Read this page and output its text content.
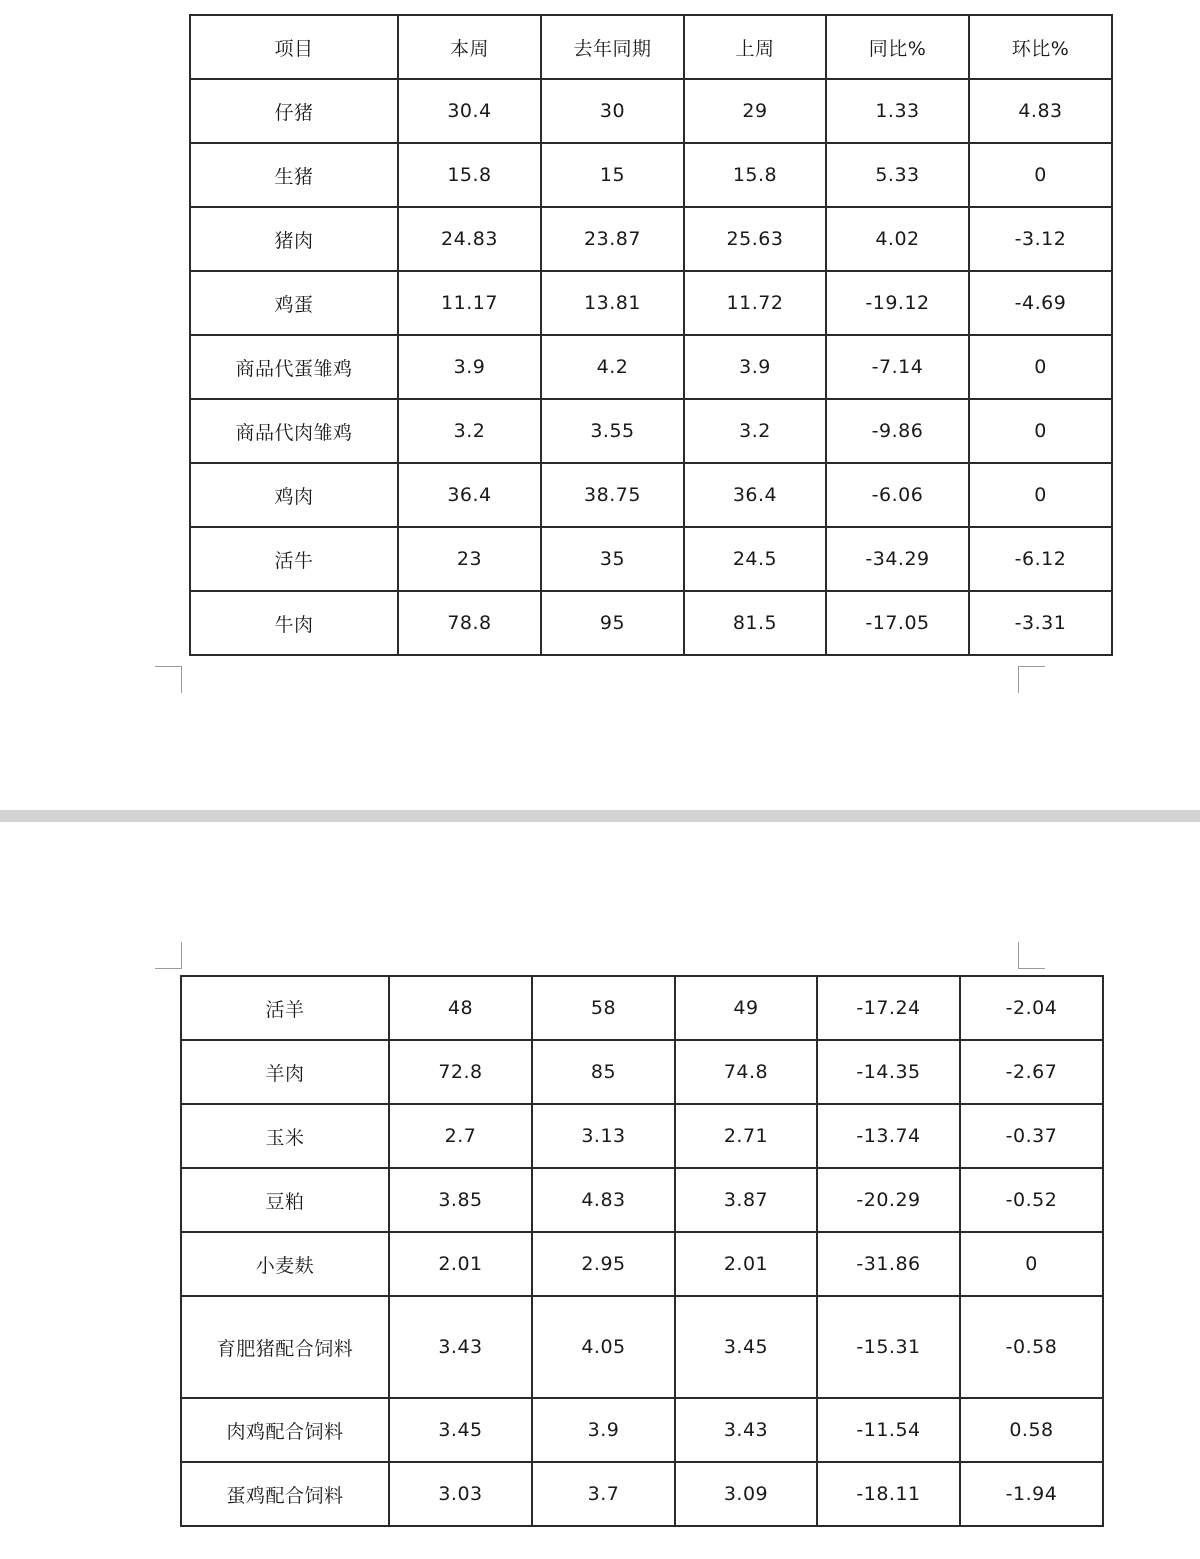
项目	本周	去年同期	上周	同比%	环比%
仔猪	30.4	30	29	1.33	4.83
生猪	15.8	15	15.8	5.33	0
猪肉	24.83	23.87	25.63	4.02	-3.12
鸡蛋	11.17	13.81	11.72	-19.12	-4.69
商品代蛋雏鸡	3.9	4.2	3.9	-7.14	0
商品代肉雏鸡	3.2	3.55	3.2	-9.86	0
鸡肉	36.4	38.75	36.4	-6.06	0
活牛	23	35	24.5	-34.29	-6.12
牛肉	78.8	95	81.5	-17.05	-3.31
活羊	48	58	49	-17.24	-2.04
羊肉	72.8	85	74.8	-14.35	-2.67
玉米	2.7	3.13	2.71	-13.74	-0.37
豆粕	3.85	4.83	3.87	-20.29	-0.52
小麦麸	2.01	2.95	2.01	-31.86	0
育肥猪配合饲料	3.43	4.05	3.45	-15.31	-0.58
肉鸡配合饲料	3.45	3.9	3.43	-11.54	0.58
蛋鸡配合饲料	3.03	3.7	3.09	-18.11	-1.94
